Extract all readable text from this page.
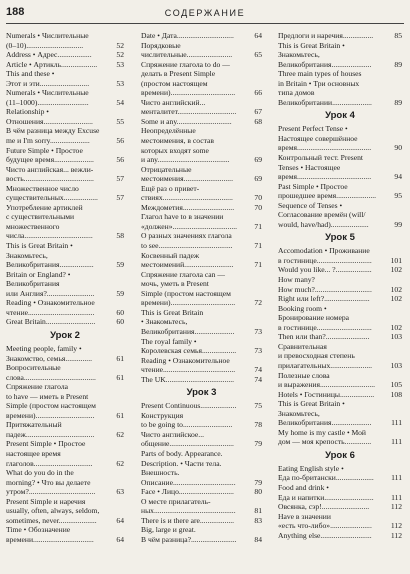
188	СОДЕРЖАНИЕ
Numerals • Числительные
(0–10)..............................	52
Address • Адрес..................	52
Article • Артикль...................	53
This and these •
Этот и эти..........................	53
Numerals • Числительные
(11–1000)...........................	54
Relationship •
Отношения..........................	55
В чём разница между Excuse
me и I'm sorry.....................	56
Future Simple • Простое
будущее время.....................	56
Чисто английская... вежли-
вость.....................................	57
Множественное число
существительных.................. 57
Употребление артиклей
с существительными
множественного
числа....................................	58
This is Great Britain •
Знакомьтесь,
Великобритания..................	59
Britain or England? •
Великобритания
или Англия?.........................	59
Reading • Ознакомительное
чтение...................................	60
Great Britain..........................	60
Урок 2
Meeting people, family •
Знакомство, семья..............	61
Вопросительные
слова......................................	61
Спряжение глагола
to have — иметь в Present
Simple (простом настоящем
времени)...............................	61
Притяжательный
падеж....................................	62
Present Simple • Простое
настоящее время
глаголов...............................	62
What do you do in the
morning? • Что вы делаете
утром?...................................	63
Present Simple и наречия
usually, often, always, seldom,
sometimes, never....................	64
Time • Обозначение
времени................................	64
Date • Дата..............................	64
Порядковые
числительные........................	65
Спряжение глагола to do —
делать в Present Simple
(простом настоящем
времени)..................................	66
Чисто английский...
менталитет............................... 67
Some и any.............................	68
Неопределённые
местоимения, в состав
которых входят some
и any......................................	69
Отрицательные
местоимения..........................	69
Ещё раз о привет-
ствиях.....................................	70
Междометия...........................	70
Глагол have to в значении
«должен».................................. 71
О разных значениях глагола
to see.......................................	71
Косвенный падеж
местоимений..........................	71
Спряжение глагола can —
мочь, уметь в Present
Simple (простом настоящем
времени)..................................	72
This is Great Britain
• Знакомьтесь,
Великобритания.....................	73
The royal family •
Королевская семья.................. 73
Reading • Ознакомительное
чтение......................................	74
The UK....................................	74
Урок 3
Present Continuous................... 75
Конструкция
to be going to..........................	78
Чисто английское...
общение..................................	79
Parts of body. Appearance.
Description. • Части тела.
Внешность.
Описание................................. 79
Face • Лицо.............................	80
О месте прилагатель-
ных........................................... 81
There is и there are..................	83
Big, large и great.
В чём разница?........................ 84
Предлоги и наречия................	85
This is Great Britain •
Знакомьтесь,
Великобритания.....................	89
Three main types of houses
in Britain • Три основных
типа домов
Великобритании.....................	89
Урок 4
Present Perfect Tense •
Настоящее совершённое
время.......................................	90
Контрольный тест. Present
Tenses • Настоящее
время.......................................	94
Past Simple • Простое
прошедшее время..................... 95
Sequence of Tenses •
Согласование времён (will/
would, have/had)....................	99
Урок 5
Accomodation • Проживание
в гостинице............................. 101
Would you like... ?................... 102
How many?
How much?.............................. 102
Right или left?........................	102
Booking room •
Бронирование номера
в гостинице............................. 102
Then или than?.......................	103
Сравнительная
и превосходная степень
прилагательных...................... 103
Полезные слова
и выражения............................. 105
Hotels • Гостиницы.................. 108
This is Great Britain •
Знакомьтесь,
Великобритания.....................	111
My home is my castle • Мой
дом — моя крепость..............	111
Урок 6
Eating English style •
Еда по-британски.................... 111
Food and drink •
Еда и напитки.......................... 111
Овсянка, сэр!.........................	112
Have в значении
«есть что-либо»......................	112
Anything else...........................	112
